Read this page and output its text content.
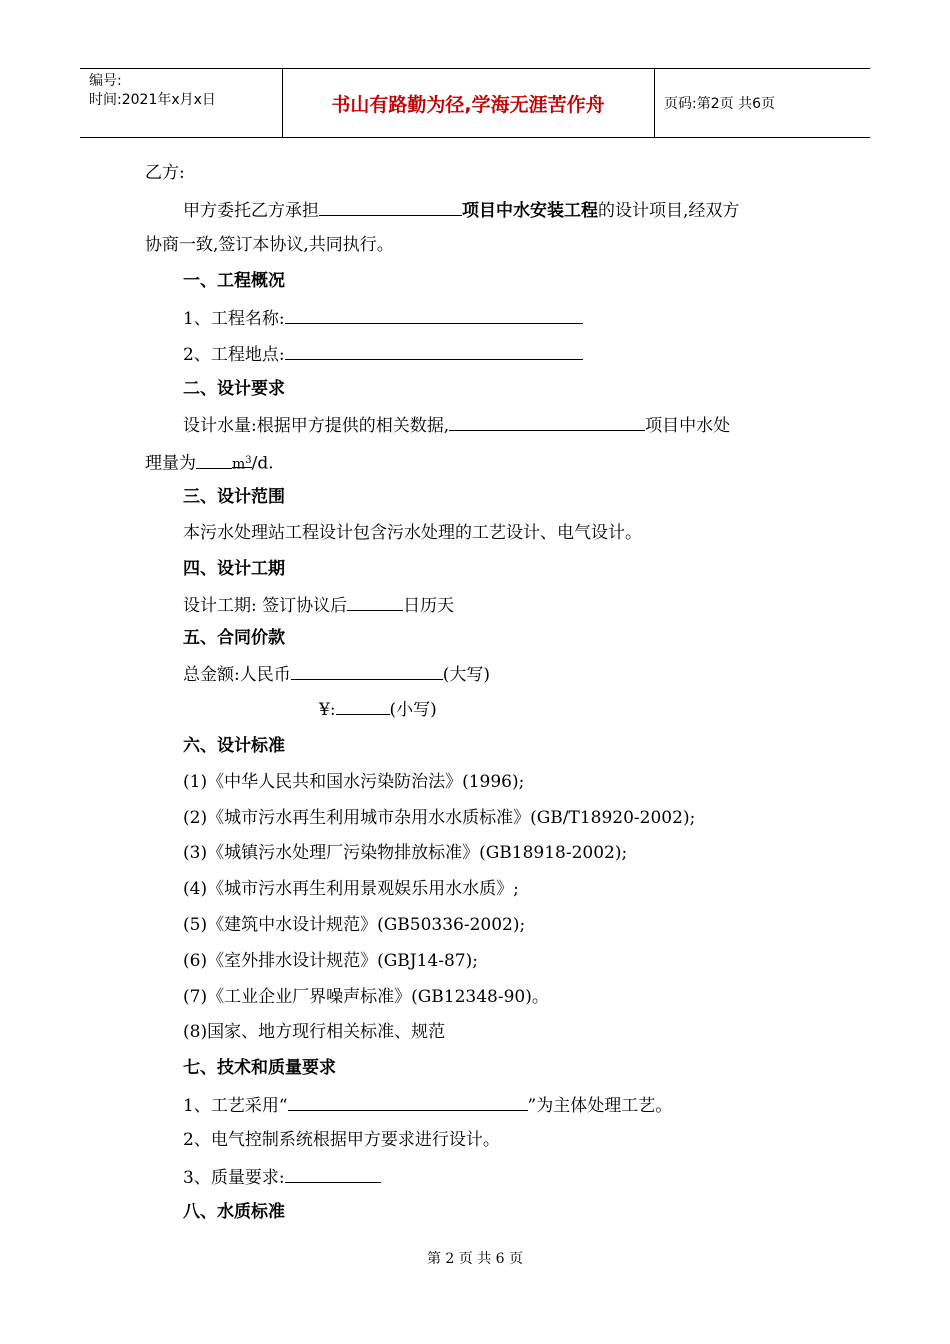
编号:
时间:2021年x月x日	书山有路勤为径,学海无涯苦作舟	页码:第2页 共6页
乙方:
甲方委托乙方承担	项目中水安装工程的设计项目,经双方
协商一致,签订本协议,共同执行。
一、工程概况
1、工程名称:
2、工程地点:
二、设计要求
设计水量:根据甲方提供的相关数据,	项目中水处
理量为	$m^3/d$.
三、设计范围
本污水处理站工程设计包含污水处理的工艺设计、电气设计。
四、设计工期
设计工期: 签订协议后	日历天
五、合同价款
总金额:人民币	(大写)
¥:	(小写)
六、设计标准
(1)《中华人民共和国水污染防治法》(1996);
(2)《城市污水再生利用城市杂用水水质标准》(GB/T18920-2002);
(3)《城镇污水处理厂污染物排放标准》(GB18918-2002);
(4)《城市污水再生利用景观娱乐用水水质》;
(5)《建筑中水设计规范》(GB50336-2002);
(6)《室外排水设计规范》(GBJ14-87);
(7)《工业企业厂界噪声标准》(GB12348-90)。
(8)国家、地方现行相关标准、规范
七、技术和质量要求
1、工艺采用“	”为主体处理工艺。
2、电气控制系统根据甲方要求进行设计。
3、质量要求:
八、水质标准
第 2 页 共 6 页
